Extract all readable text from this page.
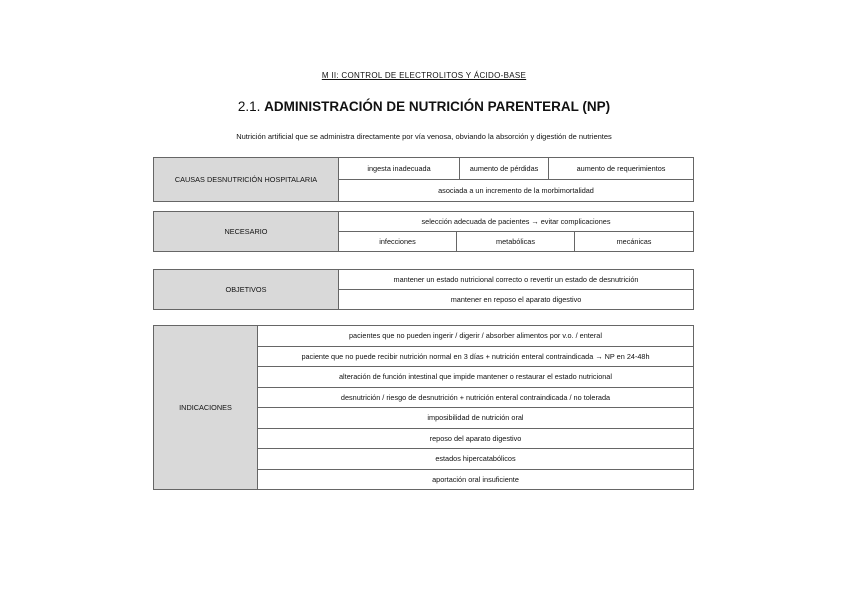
M II: CONTROL DE ELECTROLITOS Y ÁCIDO-BASE
2.1. ADMINISTRACIÓN DE NUTRICIÓN PARENTERAL (NP)
Nutrición artificial que se administra directamente por vía venosa, obviando la absorción y digestión de nutrientes
CAUSAS DESNUTRICIÓN HOSPITALARIA	ingesta inadecuada	aumento de pérdidas	aumento de requerimientos
asociada a un incremento de la morbimortalidad
NECESARIO	selección adecuada de pacientes → evitar complicaciones		
	infecciones	metabólicas	mecánicas
OBJETIVOS	mantener un estado nutricional correcto o revertir un estado de desnutrición
mantener en reposo el aparato digestivo
INDICACIONES	pacientes que no pueden ingerir / digerir / absorber alimentos por v.o. / enteral
paciente que no puede recibir nutrición normal en 3 días + nutrición enteral contraindicada → NP en 24-48h
alteración de función intestinal que impide mantener o restaurar el estado nutricional
desnutrición / riesgo de desnutrición + nutrición enteral contraindicada / no tolerada
imposibilidad de nutrición oral
reposo del aparato digestivo
estados hipercatabólicos
aportación oral insuficiente
